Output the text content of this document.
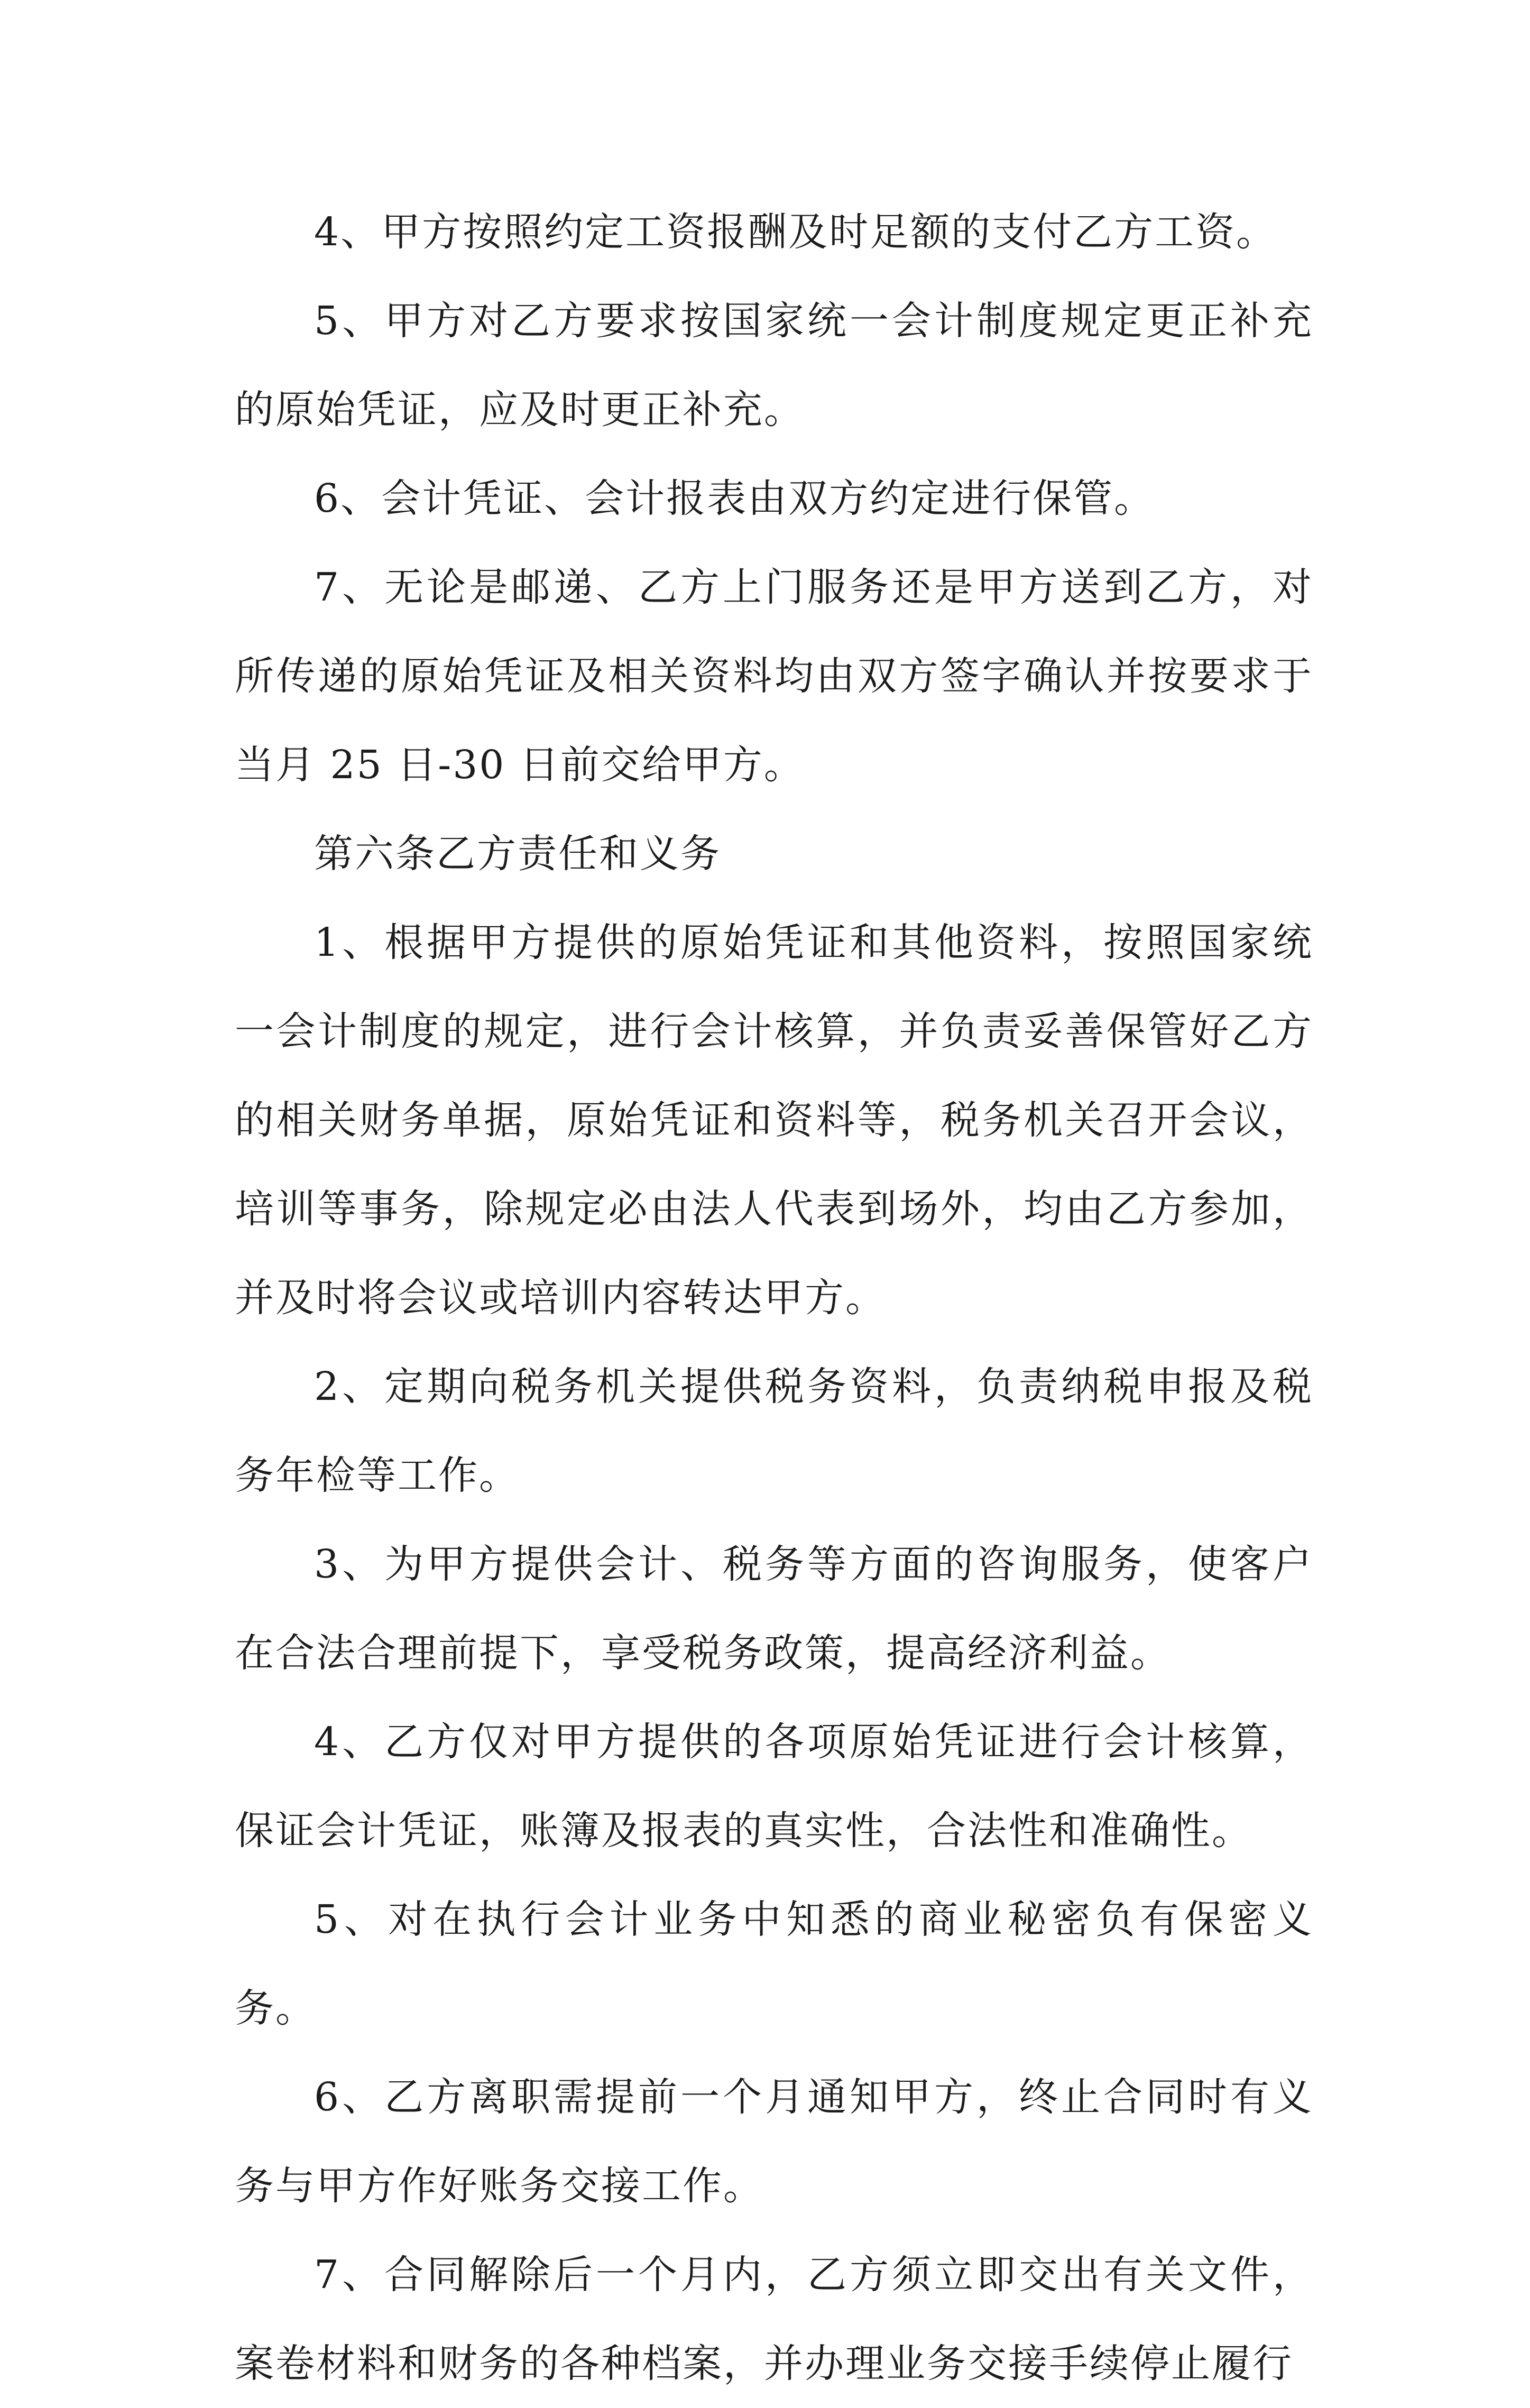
4、甲方按照约定工资报酬及时足额的支付乙方工资。

5、甲方对乙方要求按国家统一会计制度规定更正补充的原始凭证，应及时更正补充。

6、会计凭证、会计报表由双方约定进行保管。

7、无论是邮递、乙方上门服务还是甲方送到乙方，对所传递的原始凭证及相关资料均由双方签字确认并按要求于当月 25 日-30 日前交给甲方。

第六条乙方责任和义务

1、根据甲方提供的原始凭证和其他资料，按照国家统一会计制度的规定，进行会计核算，并负责妥善保管好乙方的相关财务单据，原始凭证和资料等，税务机关召开会议，培训等事务，除规定必由法人代表到场外，均由乙方参加，并及时将会议或培训内容转达甲方。

2、定期向税务机关提供税务资料，负责纳税申报及税务年检等工作。

3、为甲方提供会计、税务等方面的咨询服务，使客户在合法合理前提下，享受税务政策，提高经济利益。

4、乙方仅对甲方提供的各项原始凭证进行会计核算，保证会计凭证，账簿及报表的真实性，合法性和准确性。

5、对在执行会计业务中知悉的商业秘密负有保密义务。

6、乙方离职需提前一个月通知甲方，终止合同时有义务与甲方作好账务交接工作。

7、合同解除后一个月内，乙方须立即交出有关文件，案卷材料和财务的各种档案，并办理业务交接手续停止履行
